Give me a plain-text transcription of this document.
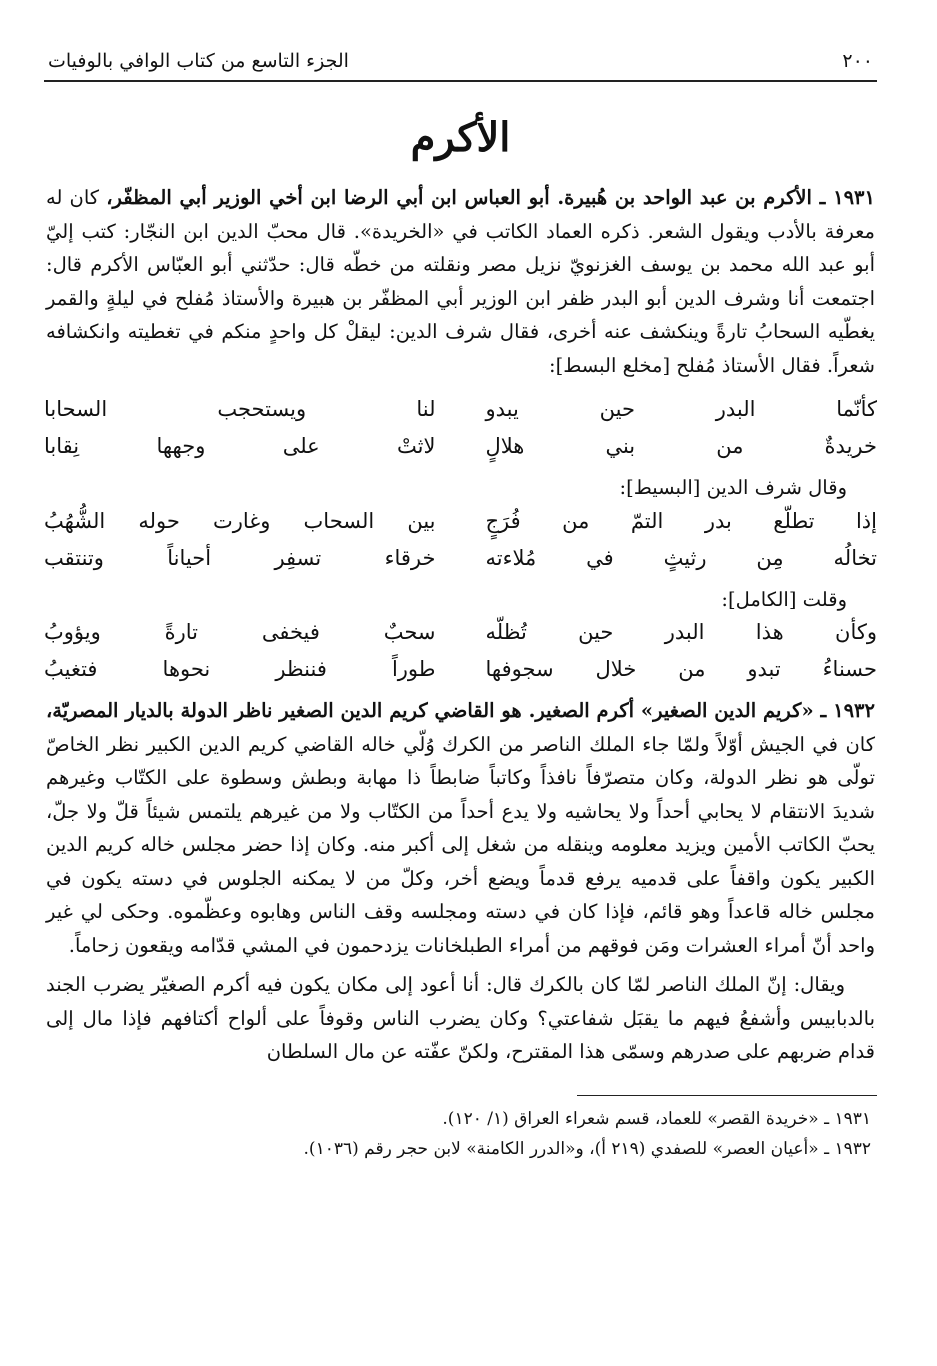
٢٠٠
الجزء التاسع من كتاب الوافي بالوفيات
الأكرم

١٩٣١ ـ الأكرم بن عبد الواحد بن هُبيرة. أبو العباس ابن أبي الرضا ابن أخي الوزير أبي المظفّر، كان له معرفة بالأدب ويقول الشعر. ذكره العماد الكاتب في «الخريدة». قال محبّ الدين ابن النجّار: كتب إليّ أبو عبد الله محمد بن يوسف الغزنويّ نزيل مصر ونقلته من خطّه قال: حدّثني أبو العبّاس الأكرم قال: اجتمعت أنا وشرف الدين أبو البدر ظفر ابن الوزير أبي المظفّر بن هبيرة والأستاذ مُفلح في ليلةٍ والقمر يغطّيه السحابُ تارةً وينكشف عنه أخرى، فقال شرف الدين: ليقلْ كل واحدٍ منكم في تغطيته وانكشافه شعراً. فقال الأستاذ مُفلح [مخلع البسط]:

كأنّما البدر حين يبدو
لنا ويستحجب السحابا
خريدةٌ من بني هلالٍ
لاثتْ على وجهها نِقابا
وقال شرف الدين [البسيط]:
إذا تطلّع بدر التمّ من فُرَجٍ
بين السحاب وغارت حوله الشُّهُبُ
تخالُه مِن رثيثٍ في مُلاءته
خرقاء تسفِر أحياناً وتنتقب
وقلت [الكامل]:
وكأن هذا البدر حين تُظلّه
سحبٌ فيخفى تارةً ويؤوبُ
حسناءُ تبدو من خلال سجوفها
طوراً فننظر نحوها فتغيبُ

١٩٣٢ ـ «كريم الدين الصغير» أكرم الصغير. هو القاضي كريم الدين الصغير ناظر الدولة بالديار المصريّة، كان في الجيش أوّلاً ولمّا جاء الملك الناصر من الكرك وُلّي خاله القاضي كريم الدين الكبير نظر الخاصّ تولّى هو نظر الدولة، وكان متصرّفاً نافذاً وكاتباً ضابطاً ذا مهابة وبطش وسطوة على الكتّاب وغيرهم شديدَ الانتقام لا يحابي أحداً ولا يحاشيه ولا يدع أحداً من الكتّاب ولا من غيرهم يلتمس شيئاً قلّ ولا جلّ، يحبّ الكاتب الأمين ويزيد معلومه وينقله من شغل إلى أكبر منه. وكان إذا حضر مجلس خاله كريم الدين الكبير يكون واقفاً على قدميه يرفع قدماً ويضع أخر، وكلّ من لا يمكنه الجلوس في دسته يكون في مجلس خاله قاعداً وهو قائم، فإذا كان في دسته ومجلسه وقف الناس وهابوه وعظّموه. وحكى لي غير واحد أنّ أمراء العشرات ومَن فوقهم من أمراء الطبلخانات يزدحمون في المشي قدّامه ويقعون زحاماً.

ويقال: إنّ الملك الناصر لمّا كان بالكرك قال: أنا أعود إلى مكان يكون فيه أكرم الصغيّر يضرب الجند بالدبابيس وأشفعُ فيهم ما يقبَل شفاعتي؟ وكان يضرب الناس وقوفاً على ألواح أكتافهم فإذا مال إلى قدام ضربهم على صدرهم وسمّى هذا المقترح، ولكنّ عفّته عن مال السلطان

١٩٣١ ـ «خريدة القصر» للعماد، قسم شعراء العراق (١/ ١٢٠).
١٩٣٢ ـ «أعيان العصر» للصفدي (٢١٩ أ)، و«الدرر الكامنة» لابن حجر رقم (١٠٣٦).
